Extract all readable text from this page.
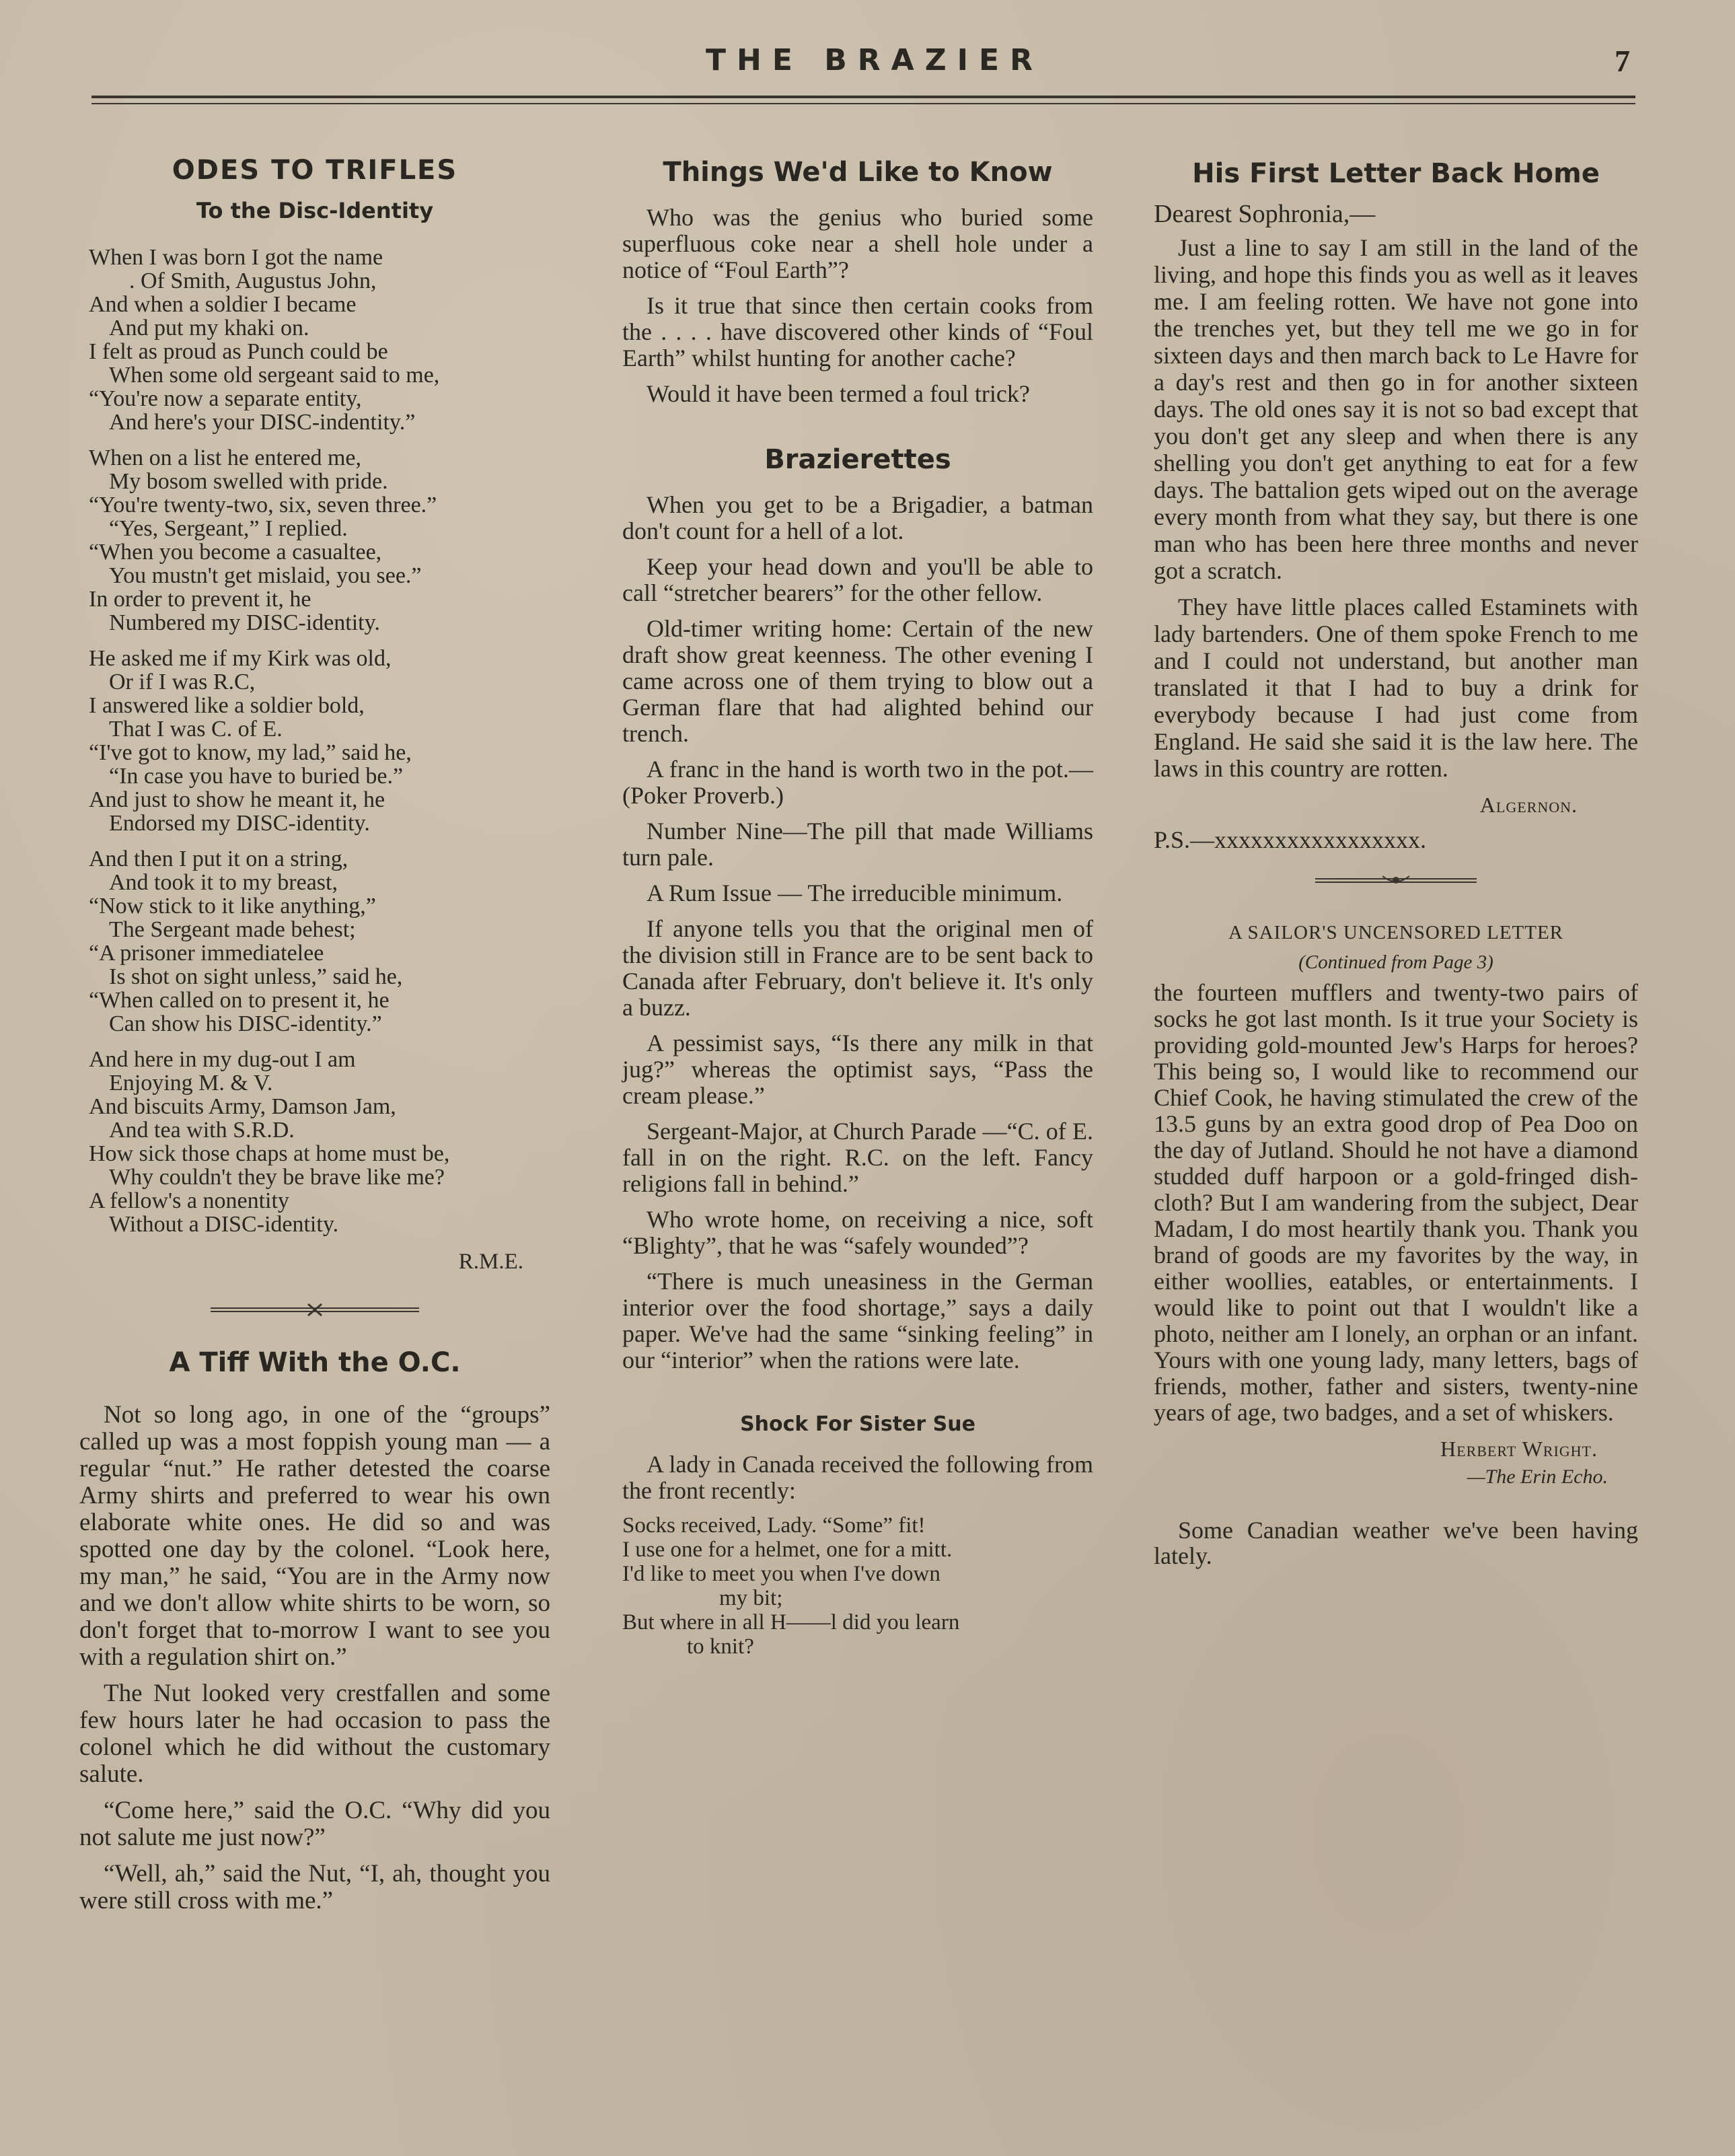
THE BRAZIER	7
ODES TO TRIFLES
To the Disc-Identity
When I was born I got the name
. Of Smith, Augustus John,
And when a soldier I became
And put my khaki on.
I felt as proud as Punch could be
When some old sergeant said to me,
“You're now a separate entity,
And here's your DISC-indentity.”
When on a list he entered me,
My bosom swelled with pride.
“You're twenty-two, six, seven three.”
“Yes, Sergeant,” I replied.
“When you become a casualtee,
You mustn't get mislaid, you see.”
In order to prevent it, he
Numbered my DISC-identity.
He asked me if my Kirk was old,
Or if I was R.C,
I answered like a soldier bold,
That I was C. of E.
“I've got to know, my lad,” said he,
“In case you have to buried be.”
And just to show he meant it, he
Endorsed my DISC-identity.
And then I put it on a string,
And took it to my breast,
“Now stick to it like anything,”
The Sergeant made behest;
“A prisoner immediatelee
Is shot on sight unless,” said he,
“When called on to present it, he
Can show his DISC-identity.”
And here in my dug-out I am
Enjoying M. & V.
And biscuits Army, Damson Jam,
And tea with S.R.D.
How sick those chaps at home must be,
Why couldn't they be brave like me?
A fellow's a nonentity
Without a DISC-identity.
R.M.E.
A Tiff With the O.C.
Not so long ago, in one of the “groups” called up was a most foppish young man — a regular “nut.” He rather detested the coarse Army shirts and preferred to wear his own elaborate white ones. He did so and was spotted one day by the colonel. “Look here, my man,” he said, “You are in the Army now and we don't allow white shirts to be worn, so don't forget that to-morrow I want to see you with a regulation shirt on.”
The Nut looked very crestfallen and some few hours later he had occasion to pass the colonel which he did without the customary salute.
“Come here,” said the O.C. “Why did you not salute me just now?”
“Well, ah,” said the Nut, “I, ah, thought you were still cross with me.”
Things We'd Like to Know
Who was the genius who buried some superfluous coke near a shell hole under a notice of “Foul Earth”?
Is it true that since then certain cooks from the . . . . have discovered other kinds of “Foul Earth” whilst hunting for another cache?
Would it have been termed a foul trick?
Brazierettes
When you get to be a Brigadier, a batman don't count for a hell of a lot.
Keep your head down and you'll be able to call “stretcher bearers” for the other fellow.
Old-timer writing home: Certain of the new draft show great keenness. The other evening I came across one of them trying to blow out a German flare that had alighted behind our trench.
A franc in the hand is worth two in the pot.—(Poker Proverb.)
Number Nine—The pill that made Williams turn pale.
A Rum Issue — The irreducible minimum.
If anyone tells you that the original men of the division still in France are to be sent back to Canada after February, don't believe it. It's only a buzz.
A pessimist says, “Is there any milk in that jug?” whereas the optimist says, “Pass the cream please.”
Sergeant-Major, at Church Parade —“C. of E. fall in on the right. R.C. on the left. Fancy religions fall in behind.”
Who wrote home, on receiving a nice, soft “Blighty”, that he was “safely wounded”?
“There is much uneasiness in the German interior over the food shortage,” says a daily paper. We've had the same “sinking feeling” in our “interior” when the rations were late.
Shock For Sister Sue
A lady in Canada received the following from the front recently:
Socks received, Lady. “Some” fit!
I use one for a helmet, one for a mitt.
I'd like to meet you when I've down
my bit;
But where in all H——l did you learn
to knit?
His First Letter Back Home
Dearest Sophronia,—
Just a line to say I am still in the land of the living, and hope this finds you as well as it leaves me. I am feeling rotten. We have not gone into the trenches yet, but they tell me we go in for sixteen days and then march back to Le Havre for a day's rest and then go in for another sixteen days. The old ones say it is not so bad except that you don't get any sleep and when there is any shelling you don't get anything to eat for a few days. The battalion gets wiped out on the average every month from what they say, but there is one man who has been here three months and never got a scratch.
They have little places called Estaminets with lady bartenders. One of them spoke French to me and I could not understand, but another man translated it that I had to buy a drink for everybody because I had just come from England. He said she said it is the law here. The laws in this country are rotten.
Algernon.
P.S.—xxxxxxxxxxxxxxxxx.
A SAILOR'S UNCENSORED LETTER
(Continued from Page 3)
the fourteen mufflers and twenty-two pairs of socks he got last month. Is it true your Society is providing gold-mounted Jew's Harps for heroes? This being so, I would like to recommend our Chief Cook, he having stimulated the crew of the 13.5 guns by an extra good drop of Pea Doo on the day of Jutland. Should he not have a diamond studded duff harpoon or a gold-fringed dish-cloth? But I am wandering from the subject, Dear Madam, I do most heartily thank you. Thank you brand of goods are my favorites by the way, in either woollies, eatables, or entertainments. I would like to point out that I wouldn't like a photo, neither am I lonely, an orphan or an infant. Yours with one young lady, many letters, bags of friends, mother, father and sisters, twenty-nine years of age, two badges, and a set of whiskers.
Herbert Wright.
—The Erin Echo.
Some Canadian weather we've been having lately.
